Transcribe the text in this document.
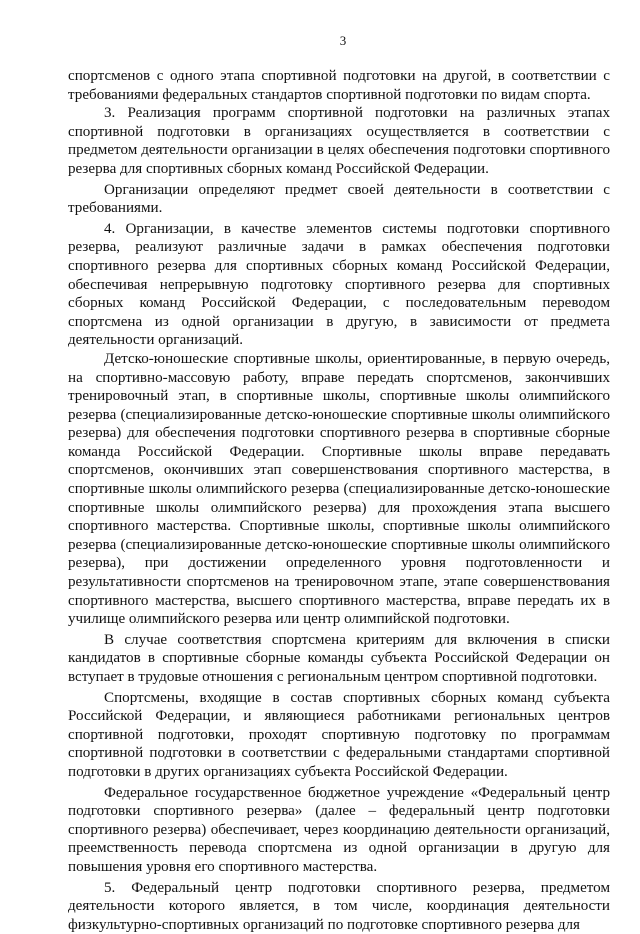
3

спортсменов с одного этапа спортивной подготовки на другой, в соответствии с требованиями федеральных стандартов спортивной подготовки по видам спорта.

3. Реализация программ спортивной подготовки на различных этапах спортивной подготовки в организациях осуществляется в соответствии с предметом деятельности организации в целях обеспечения подготовки спортивного резерва для спортивных сборных команд Российской Федерации.

Организации определяют предмет своей деятельности в соответствии с требованиями.

4. Организации, в качестве элементов системы подготовки спортивного резерва, реализуют различные задачи в рамках обеспечения подготовки спортивного резерва для спортивных сборных команд Российской Федерации, обеспечивая непрерывную подготовку спортивного резерва для спортивных сборных команд Российской Федерации, с последовательным переводом спортсмена из одной организации в другую, в зависимости от предмета деятельности организаций.

Детско-юношеские спортивные школы, ориентированные, в первую очередь, на спортивно-массовую работу, вправе передать спортсменов, закончивших тренировочный этап, в спортивные школы, спортивные школы олимпийского резерва (специализированные детско-юношеские спортивные школы олимпийского резерва) для обеспечения подготовки спортивного резерва в спортивные сборные команда Российской Федерации. Спортивные школы вправе передавать спортсменов, окончивших этап совершенствования спортивного мастерства, в спортивные школы олимпийского резерва (специализированные детско-юношеские спортивные школы олимпийского резерва) для прохождения этапа высшего спортивного мастерства. Спортивные школы, спортивные школы олимпийского резерва (специализированные детско-юношеские спортивные школы олимпийского резерва), при достижении определенного уровня подготовленности и результативности спортсменов на тренировочном этапе, этапе совершенствования спортивного мастерства, высшего спортивного мастерства, вправе передать их в училище олимпийского резерва или центр олимпийской подготовки.

В случае соответствия спортсмена критериям для включения в списки кандидатов в спортивные сборные команды субъекта Российской Федерации он вступает в трудовые отношения с региональным центром спортивной подготовки.

Спортсмены, входящие в состав спортивных сборных команд субъекта Российской Федерации, и являющиеся работниками региональных центров спортивной подготовки, проходят спортивную подготовку по программам спортивной подготовки в соответствии с федеральными стандартами спортивной подготовки в других организациях субъекта Российской Федерации.

Федеральное государственное бюджетное учреждение «Федеральный центр подготовки спортивного резерва» (далее – федеральный центр подготовки спортивного резерва) обеспечивает, через координацию деятельности организаций, преемственность перевода спортсмена из одной организации в другую для повышения уровня его спортивного мастерства.

5. Федеральный центр подготовки спортивного резерва, предметом деятельности которого является, в том числе, координация деятельности физкультурно-спортивных организаций по подготовке спортивного резерва для
